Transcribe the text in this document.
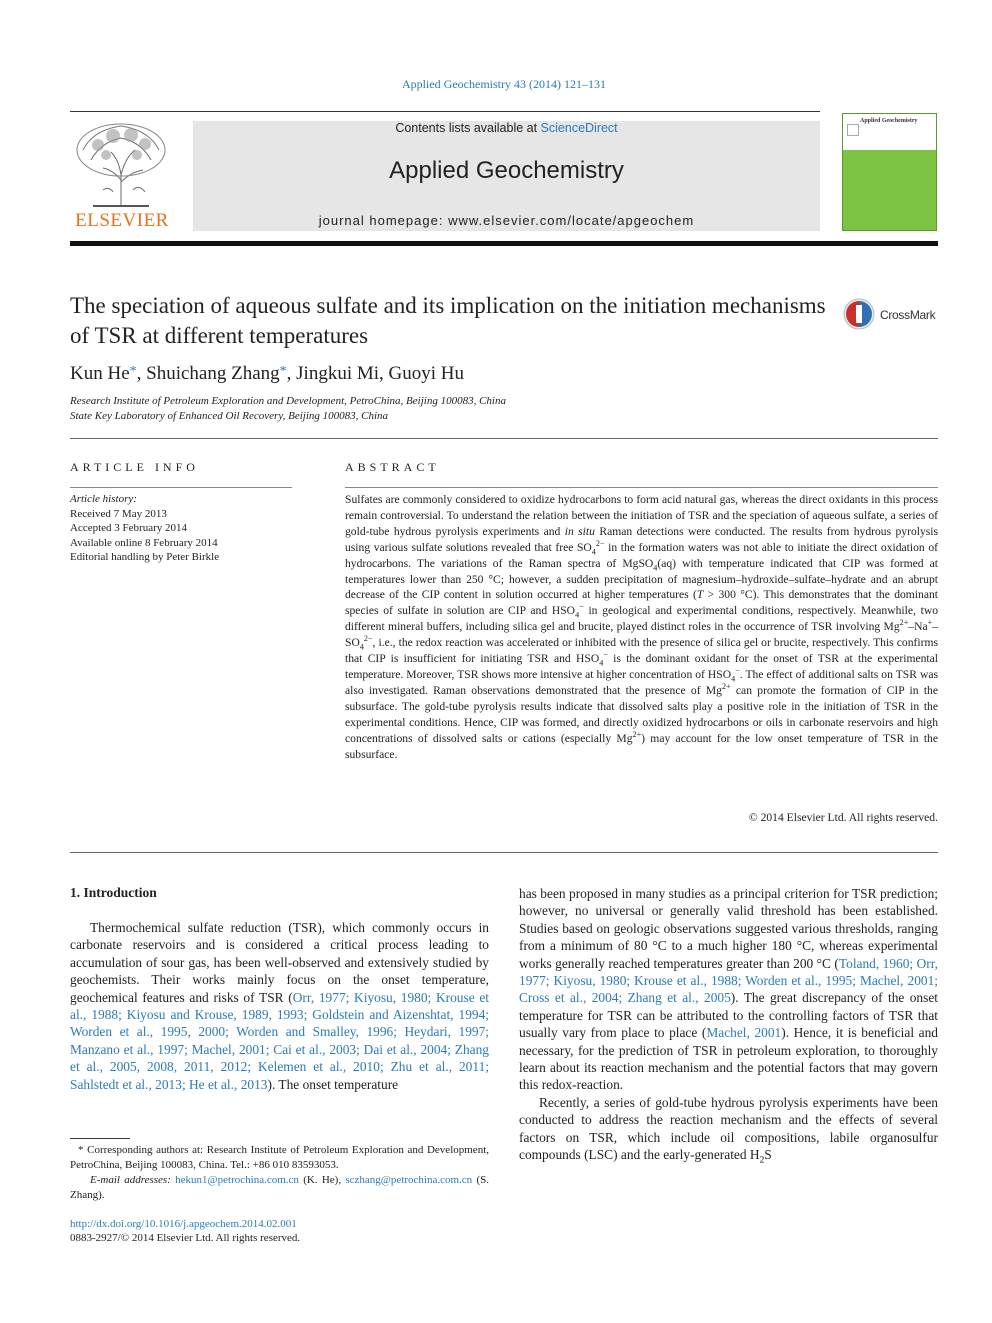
Applied Geochemistry 43 (2014) 121–131
ELSEVIER
Contents lists available at ScienceDirect
Applied Geochemistry
journal homepage: www.elsevier.com/locate/apgeochem
Applied Geochemistry
The speciation of aqueous sulfate and its implication on the initiation mechanisms of TSR at different temperatures
CrossMark
Kun He*, Shuichang Zhang*, Jingkui Mi, Guoyi Hu
Research Institute of Petroleum Exploration and Development, PetroChina, Beijing 100083, China
State Key Laboratory of Enhanced Oil Recovery, Beijing 100083, China
ARTICLE INFO
Article history:
Received 7 May 2013
Accepted 3 February 2014
Available online 8 February 2014
Editorial handling by Peter Birkle
ABSTRACT
Sulfates are commonly considered to oxidize hydrocarbons to form acid natural gas, whereas the direct oxidants in this process remain controversial. To understand the relation between the initiation of TSR and the speciation of aqueous sulfate, a series of gold-tube hydrous pyrolysis experiments and in situ Raman detections were conducted. The results from hydrous pyrolysis using various sulfate solutions revealed that free $SO_4^{2-}$ in the formation waters was not able to initiate the direct oxidation of hydrocarbons. The variations of the Raman spectra of MgSO$_4$(aq) with temperature indicated that CIP was formed at temperatures lower than 250 °C; however, a sudden precipitation of magnesium–hydroxide–sulfate–hydrate and an abrupt decrease of the CIP content in solution occurred at higher temperatures (T > 300 °C). This demonstrates that the dominant species of sulfate in solution are CIP and $HSO_4^-$ in geological and experimental conditions, respectively. Meanwhile, two different mineral buffers, including silica gel and brucite, played distinct roles in the occurrence of TSR involving $Mg^{2+}-Na^+-SO_4^{2-}$, i.e., the redox reaction was accelerated or inhibited with the presence of silica gel or brucite, respectively. This confirms that CIP is insufficient for initiating TSR and $HSO_4^-$ is the dominant oxidant for the onset of TSR at the experimental temperature. Moreover, TSR shows more intensive at higher concentration of $HSO_4^-$. The effect of additional salts on TSR was also investigated. Raman observations demonstrated that the presence of $Mg^{2+}$ can promote the formation of CIP in the subsurface. The gold-tube pyrolysis results indicate that dissolved salts play a positive role in the initiation of TSR in the experimental conditions. Hence, CIP was formed, and directly oxidized hydrocarbons or oils in carbonate reservoirs and high concentrations of dissolved salts or cations (especially $Mg^{2+}$) may account for the low onset temperature of TSR in the subsurface.
© 2014 Elsevier Ltd. All rights reserved.
1. Introduction

Thermochemical sulfate reduction (TSR), which commonly occurs in carbonate reservoirs and is considered a critical process leading to accumulation of sour gas, has been well-observed and extensively studied by geochemists. Their works mainly focus on the onset temperature, geochemical features and risks of TSR (Orr, 1977; Kiyosu, 1980; Krouse et al., 1988; Kiyosu and Krouse, 1989, 1993; Goldstein and Aizenshtat, 1994; Worden et al., 1995, 2000; Worden and Smalley, 1996; Heydari, 1997; Manzano et al., 1997; Machel, 2001; Cai et al., 2003; Dai et al., 2004; Zhang et al., 2005, 2008, 2011, 2012; Kelemen et al., 2010; Zhu et al., 2011; Sahlstedt et al., 2013; He et al., 2013). The onset temperature

has been proposed in many studies as a principal criterion for TSR prediction; however, no universal or generally valid threshold has been established. Studies based on geologic observations suggested various thresholds, ranging from a minimum of 80 °C to a much higher 180 °C, whereas experimental works generally reached temperatures greater than 200 °C (Toland, 1960; Orr, 1977; Kiyosu, 1980; Krouse et al., 1988; Worden et al., 1995; Machel, 2001; Cross et al., 2004; Zhang et al., 2005). The great discrepancy of the onset temperature for TSR can be attributed to the controlling factors of TSR that usually vary from place to place (Machel, 2001). Hence, it is beneficial and necessary, for the prediction of TSR in petroleum exploration, to thoroughly learn about its reaction mechanism and the potential factors that may govern this redox-reaction.

Recently, a series of gold-tube hydrous pyrolysis experiments have been conducted to address the reaction mechanism and the effects of several factors on TSR, which include oil compositions, labile organosulfur compounds (LSC) and the early-generated $H_2S$

* Corresponding authors at: Research Institute of Petroleum Exploration and Development, PetroChina, Beijing 100083, China. Tel.: +86 010 83593053.
E-mail addresses: hekun1@petrochina.com.cn (K. He), sczhang@petrochina.com.cn (S. Zhang).
http://dx.doi.org/10.1016/j.apgeochem.2014.02.001
0883-2927/© 2014 Elsevier Ltd. All rights reserved.
